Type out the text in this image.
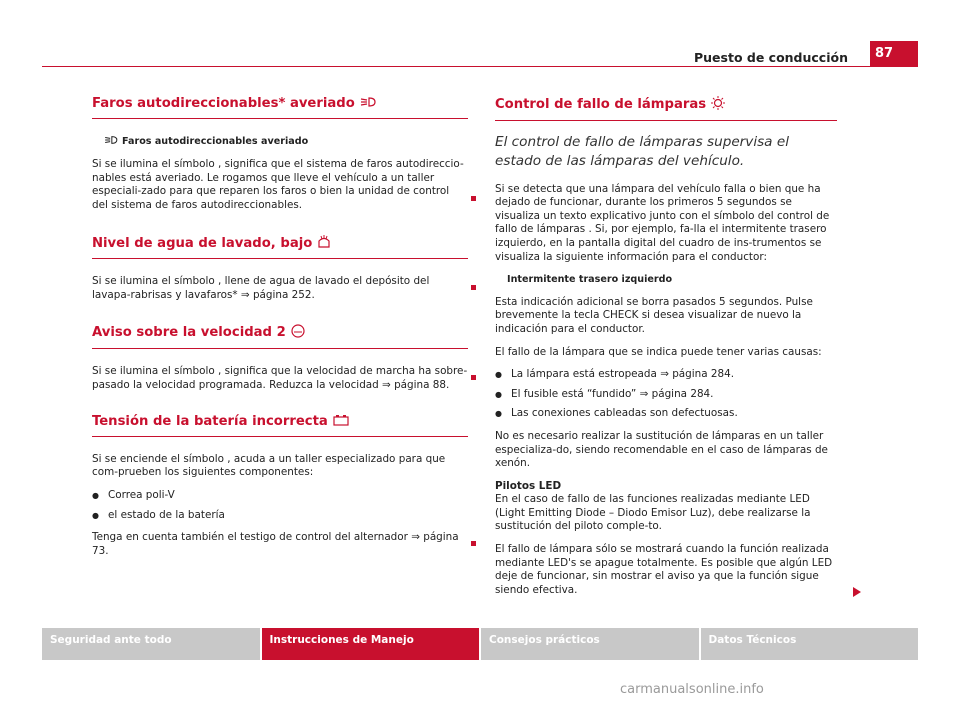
Puesto de conducción	87
Faros autodireccionables* averiado
Faros autodireccionables averiado

Si se ilumina el símbolo , significa que el sistema de faros autodireccio-nables está averiado. Le rogamos que lleve el vehículo a un taller especiali-zado para que reparen los faros o bien la unidad de control del sistema de faros autodireccionables.

Nivel de agua de lavado, bajo

Si se ilumina el símbolo , llene de agua de lavado el depósito del lavapa-rabrisas y lavafaros* ⇒ página 252.

Aviso sobre la velocidad 2

Si se ilumina el símbolo , significa que la velocidad de marcha ha sobre-pasado la velocidad programada. Reduzca la velocidad ⇒ página 88.

Tensión de la batería incorrecta

Si se enciende el símbolo , acuda a un taller especializado para que com-prueben los siguientes componentes:

● Correa poli-V
● el estado de la batería

Tenga en cuenta también el testigo de control del alternador ⇒ página 73.

Control de fallo de lámparas
El control de fallo de lámparas supervisa el estado de las lámparas del vehículo.

Si se detecta que una lámpara del vehículo falla o bien que ha dejado de funcionar, durante los primeros 5 segundos se visualiza un texto explicativo junto con el símbolo del control de fallo de lámparas . Si, por ejemplo, fa-lla el intermitente trasero izquierdo, en la pantalla digital del cuadro de ins-trumentos se visualiza la siguiente información para el conductor:

Intermitente trasero izquierdo

Esta indicación adicional se borra pasados 5 segundos. Pulse brevemente la tecla CHECK si desea visualizar de nuevo la indicación para el conductor.

El fallo de la lámpara que se indica puede tener varias causas:

● La lámpara está estropeada ⇒ página 284.
● El fusible está “fundido” ⇒ página 284.
● Las conexiones cableadas son defectuosas.

No es necesario realizar la sustitución de lámparas en un taller especializa-do, siendo recomendable en el caso de lámparas de xenón.

Pilotos LED

En el caso de fallo de las funciones realizadas mediante LED (Light Emitting Diode – Diodo Emisor Luz), debe realizarse la sustitución del piloto comple-to.

El fallo de lámpara sólo se mostrará cuando la función realizada mediante LED's se apague totalmente. Es posible que algún LED deje de funcionar, sin mostrar el aviso ya que la función sigue siendo efectiva.

Seguridad ante todo	Instrucciones de Manejo	Consejos prácticos	Datos Técnicos
carmanualsonline.info
